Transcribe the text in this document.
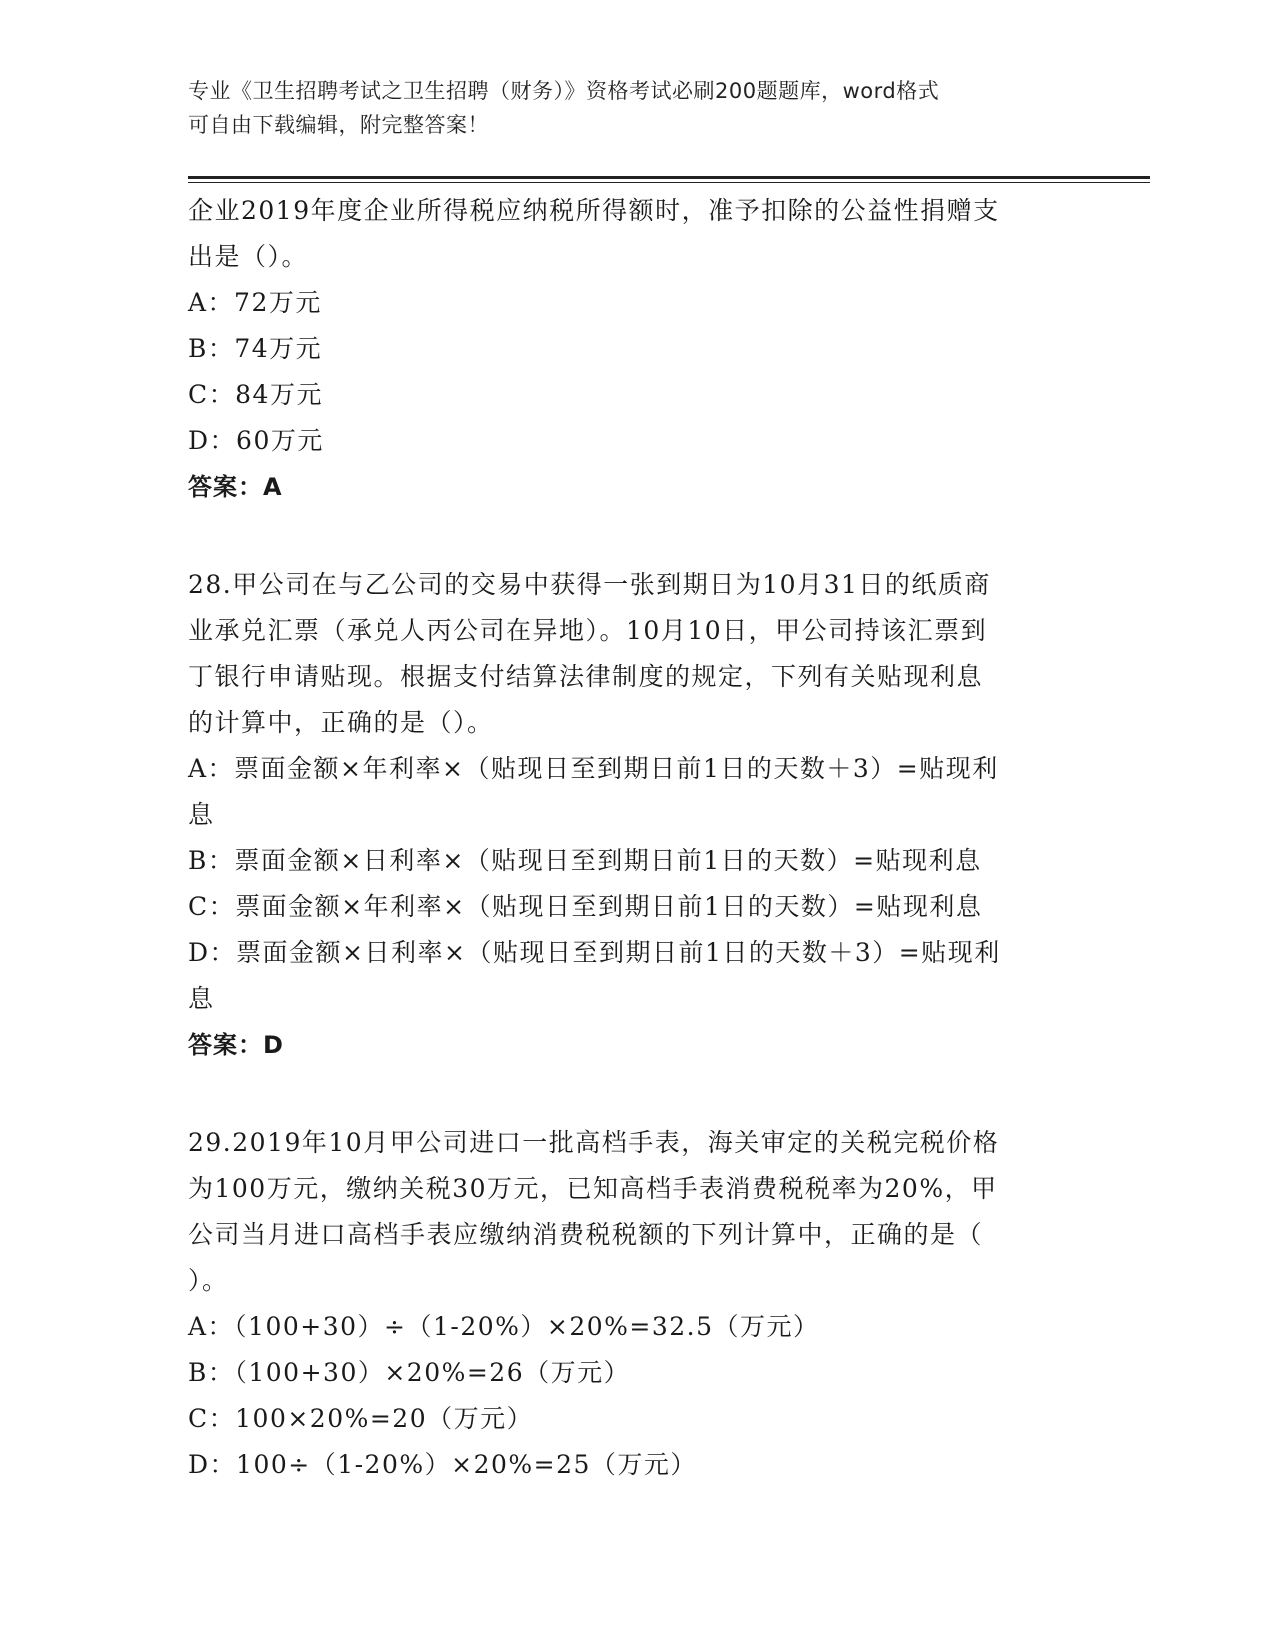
专业《卫生招聘考试之卫生招聘（财务）》资格考试必刷200题题库，word格式
可自由下载编辑，附完整答案！
企业2019年度企业所得税应纳税所得额时，准予扣除的公益性捐赠支
出是（）。
A：72万元
B：74万元
C：84万元
D：60万元
答案：A
28.甲公司在与乙公司的交易中获得一张到期日为10月31日的纸质商
业承兑汇票（承兑人丙公司在异地）。10月10日，甲公司持该汇票到
丁银行申请贴现。根据支付结算法律制度的规定，下列有关贴现利息
的计算中，正确的是（）。
A：票面金额×年利率×（贴现日至到期日前1日的天数＋3）=贴现利
息
B：票面金额×日利率×（贴现日至到期日前1日的天数）=贴现利息
C：票面金额×年利率×（贴现日至到期日前1日的天数）=贴现利息
D：票面金额×日利率×（贴现日至到期日前1日的天数＋3）=贴现利
息
答案：D
29.2019年10月甲公司进口一批高档手表，海关审定的关税完税价格
为100万元，缴纳关税30万元，已知高档手表消费税税率为20%，甲
公司当月进口高档手表应缴纳消费税税额的下列计算中，正确的是（
）。
A：（100+30）÷（1-20%）×20%=32.5（万元）
B：（100+30）×20%=26（万元）
C：100×20%=20（万元）
D：100÷（1-20%）×20%=25（万元）
